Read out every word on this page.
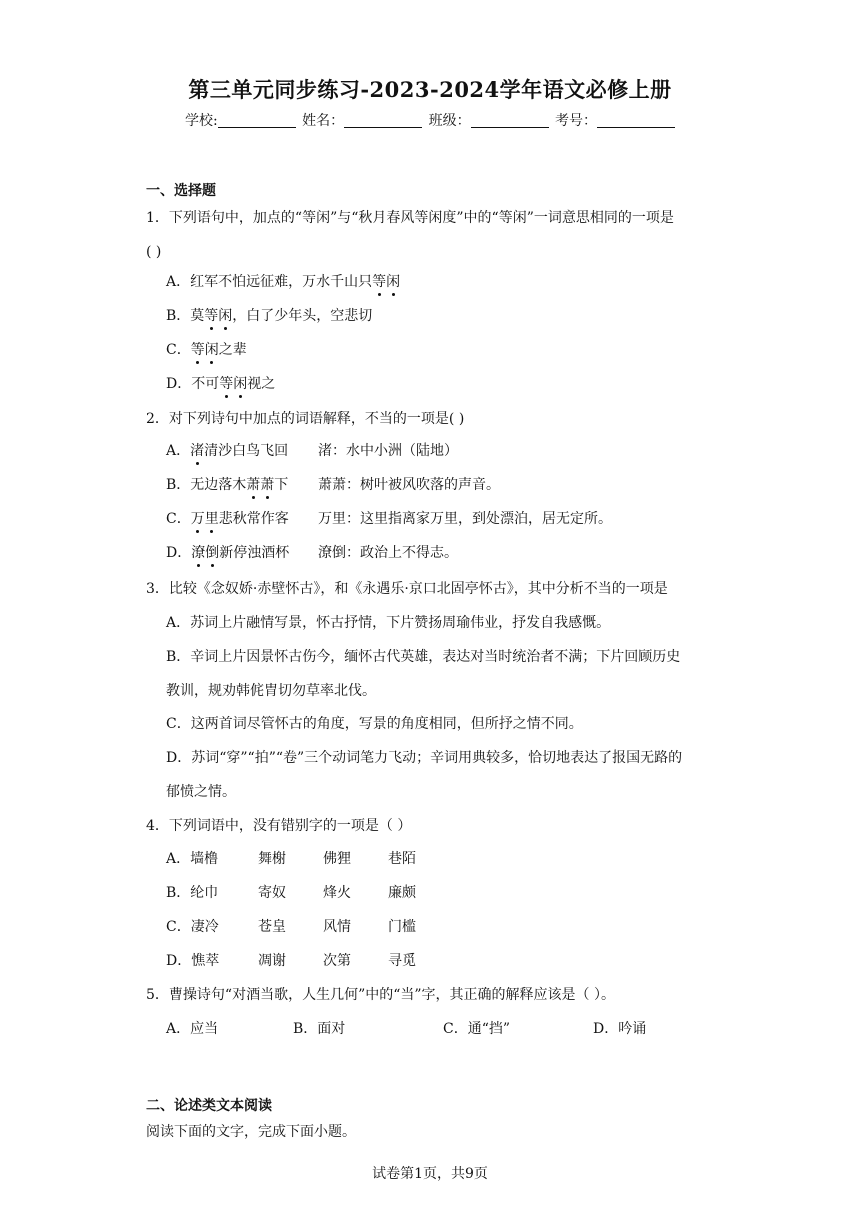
第三单元同步练习-2023-2024学年语文必修上册
学校:	姓名：	班级：	考号：
一、选择题
1．下列语句中，加点的“等闲”与“秋月春风等闲度”中的“等闲”一词意思相同的一项是
( )
A．红军不怕远征难，万水千山只等闲
B．莫等闲，白了少年头，空悲切
C．等闲之辈
D．不可等闲视之
2．对下列诗句中加点的词语解释，不当的一项是( )
A．渚清沙白鸟飞回 渚：水中小洲（陆地）
B．无边落木萧萧下 萧萧：树叶被风吹落的声音。
C．万里悲秋常作客 万里：这里指离家万里，到处漂泊，居无定所。
D．潦倒新停浊酒杯 潦倒：政治上不得志。
3．比较《念奴娇·赤壁怀古》，和《永遇乐·京口北固亭怀古》，其中分析不当的一项是
A．苏词上片融情写景，怀古抒情，下片赞扬周瑜伟业，抒发自我感慨。
B．辛词上片因景怀古伤今，缅怀古代英雄，表达对当时统治者不满；下片回顾历史
教训，规劝韩侂胄切勿草率北伐。
C．这两首词尽管怀古的角度，写景的角度相同，但所抒之情不同。
D．苏词“穿”“拍”“卷”三个动词笔力飞动；辛词用典较多，恰切地表达了报国无路的
郁愤之情。
4．下列词语中，没有错别字的一项是（ ）
A．墙橹	舞榭	佛狸	巷陌
B．纶巾	寄奴	烽火	廉颇
C．凄冷	苍皇	风情	门槛
D．憔萃	凋谢	次第	寻觅
5．曹操诗句“对酒当歌，人生几何”中的“当”字，其正确的解释应该是（ ）。
A．应当	B．面对	C．通“挡”	D．吟诵
二、论述类文本阅读
阅读下面的文字，完成下面小题。
试卷第1页，共9页
